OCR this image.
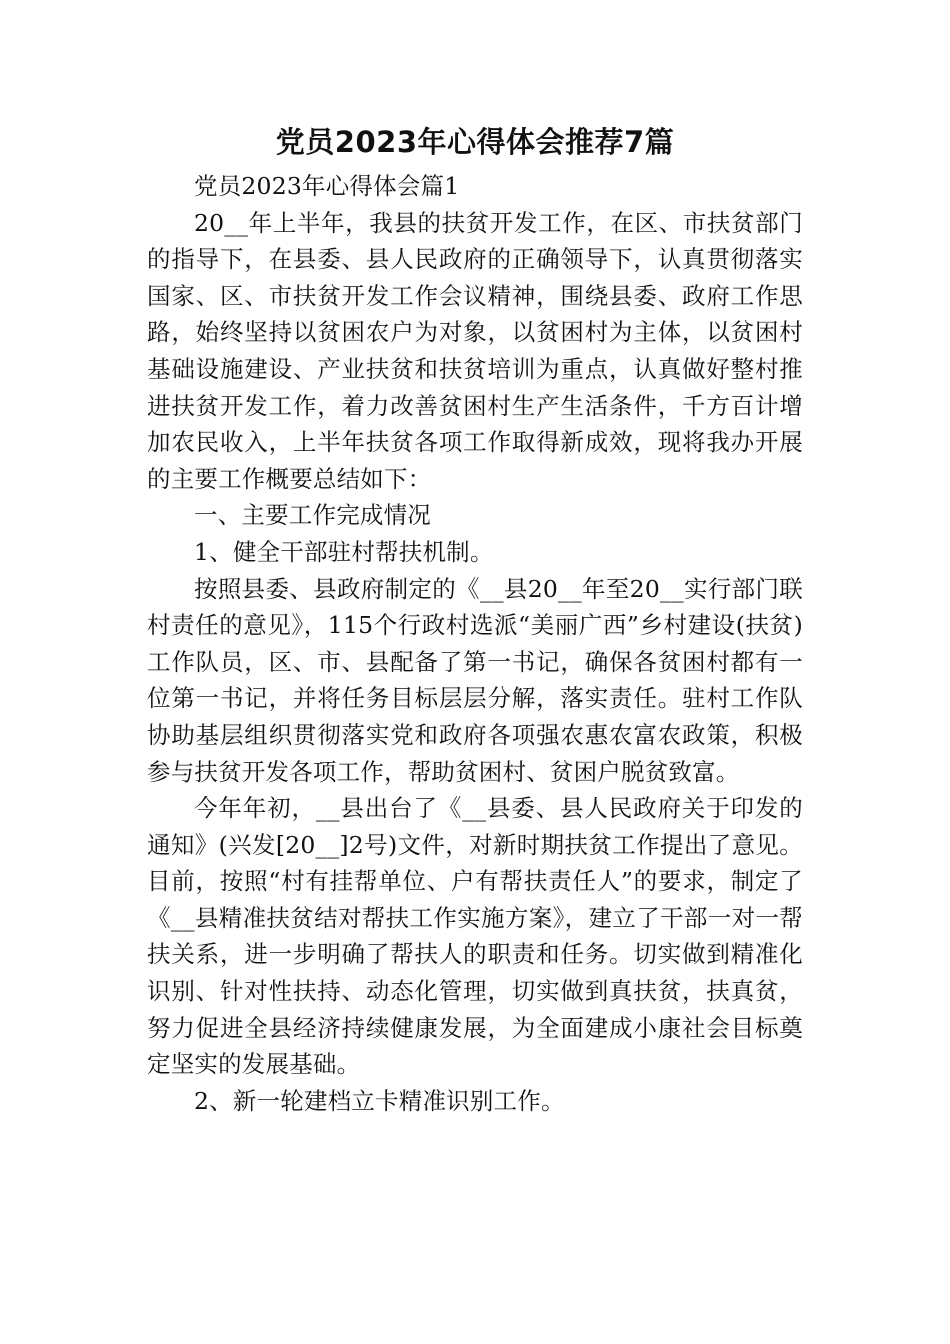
党员2023年心得体会推荐7篇

党员2023年心得体会篇1

20__年上半年，我县的扶贫开发工作，在区、市扶贫部门的指导下，在县委、县人民政府的正确领导下，认真贯彻落实国家、区、市扶贫开发工作会议精神，围绕县委、政府工作思路，始终坚持以贫困农户为对象，以贫困村为主体，以贫困村基础设施建设、产业扶贫和扶贫培训为重点，认真做好整村推进扶贫开发工作，着力改善贫困村生产生活条件，千方百计增加农民收入，上半年扶贫各项工作取得新成效，现将我办开展的主要工作概要总结如下：

一、主要工作完成情况

1、健全干部驻村帮扶机制。

按照县委、县政府制定的《__县20__年至20__实行部门联村责任的意见》，115个行政村选派“美丽广西”乡村建设(扶贫)工作队员，区、市、县配备了第一书记，确保各贫困村都有一位第一书记，并将任务目标层层分解，落实责任。驻村工作队协助基层组织贯彻落实党和政府各项强农惠农富农政策，积极参与扶贫开发各项工作，帮助贫困村、贫困户脱贫致富。

今年年初，__县出台了《__县委、县人民政府关于印发的通知》(兴发[20__]2号)文件，对新时期扶贫工作提出了意见。目前，按照“村有挂帮单位、户有帮扶责任人”的要求，制定了《__县精准扶贫结对帮扶工作实施方案》，建立了干部一对一帮扶关系，进一步明确了帮扶人的职责和任务。切实做到精准化识别、针对性扶持、动态化管理，切实做到真扶贫，扶真贫，努力促进全县经济持续健康发展，为全面建成小康社会目标奠定坚实的发展基础。

2、新一轮建档立卡精准识别工作。
